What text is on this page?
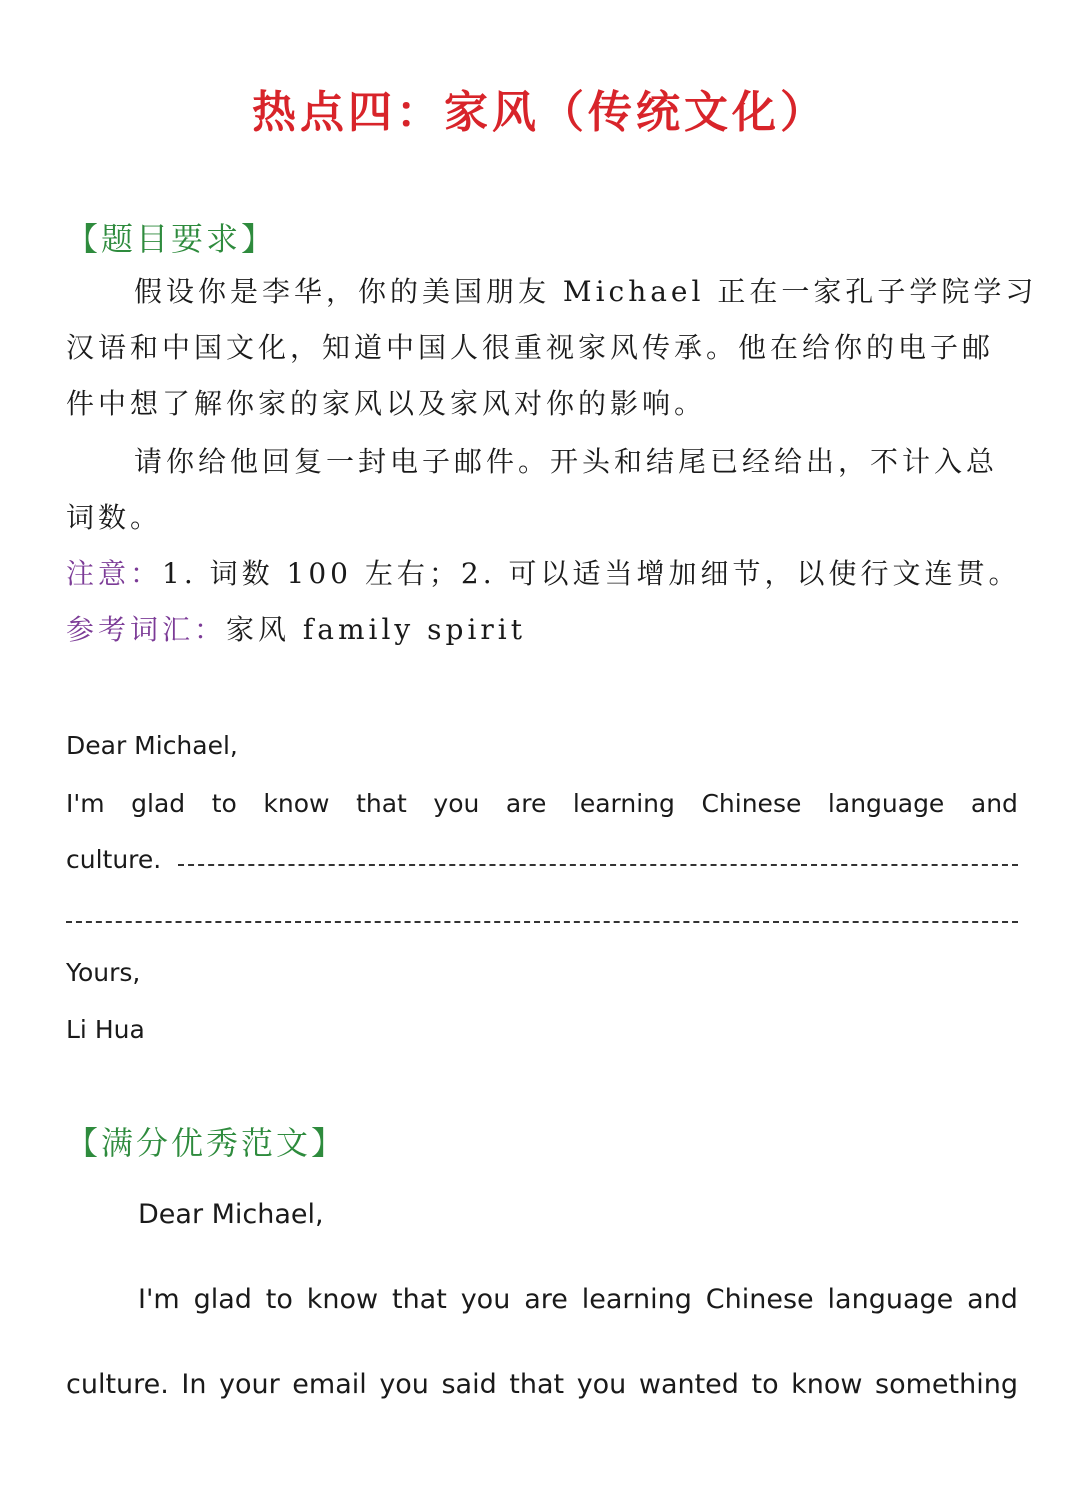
热点四：家风（传统文化）
【题目要求】
假设你是李华，你的美国朋友 Michael 正在一家孔子学院学习
汉语和中国文化，知道中国人很重视家风传承。他在给你的电子邮
件中想了解你家的家风以及家风对你的影响。
请你给他回复一封电子邮件。开头和结尾已经给出，不计入总
词数。
注意：1. 词数 100 左右；2. 可以适当增加细节，以使行文连贯。
参考词汇：家风 family spirit
Dear Michael,
I'm glad to know that you are learning Chinese language and
culture.
Yours,
Li Hua
【满分优秀范文】
Dear Michael,
I'm glad to know that you are learning Chinese language and
culture. In your email you said that you wanted to know something
